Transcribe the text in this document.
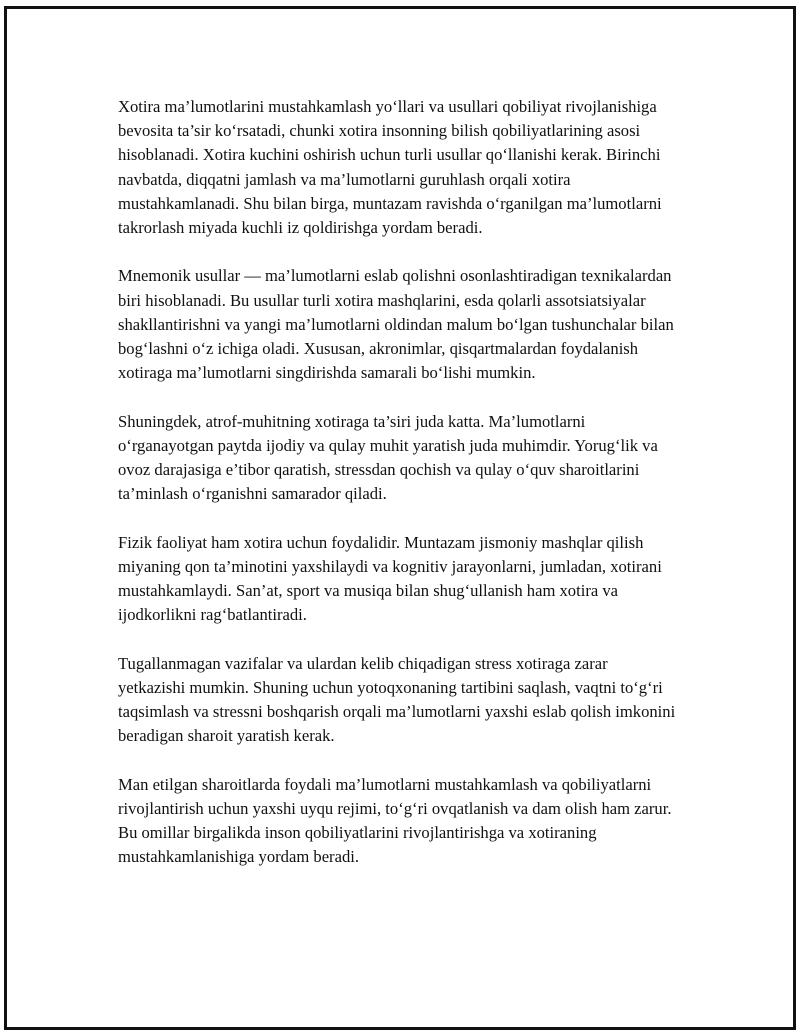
Xotira ma’lumotlarini mustahkamlash yo‘llari va usullari qobiliyat rivojlanishiga bevosita ta’sir ko‘rsatadi, chunki xotira insonning bilish qobiliyatlarining asosi hisoblanadi. Xotira kuchini oshirish uchun turli usullar qo‘llanishi kerak. Birinchi navbatda, diqqatni jamlash va ma’lumotlarni guruhlash orqali xotira mustahkamlanadi. Shu bilan birga, muntazam ravishda o‘rganilgan ma’lumotlarni takrorlash miyada kuchli iz qoldirishga yordam beradi.

Mnemonik usullar — ma’lumotlarni eslab qolishni osonlashtiradigan texnikalardan biri hisoblanadi. Bu usullar turli xotira mashqlarini, esda qolarli assotsiatsiyalar shakllantirishni va yangi ma’lumotlarni oldindan malum bo‘lgan tushunchalar bilan bog‘lashni o‘z ichiga oladi. Xususan, akronimlar, qisqartmalardan foydalanish xotiraga ma’lumotlarni singdirishda samarali bo‘lishi mumkin.

Shuningdek, atrof-muhitning xotiraga ta’siri juda katta. Ma’lumotlarni o‘rganayotgan paytda ijodiy va qulay muhit yaratish juda muhimdir. Yorug‘lik va ovoz darajasiga e’tibor qaratish, stressdan qochish va qulay o‘quv sharoitlarini ta’minlash o‘rganishni samarador qiladi.

Fizik faoliyat ham xotira uchun foydalidir. Muntazam jismoniy mashqlar qilish miyaning qon ta’minotini yaxshilaydi va kognitiv jarayonlarni, jumladan, xotirani mustahkamlaydi. San’at, sport va musiqa bilan shug‘ullanish ham xotira va ijodkorlikni rag‘batlantiradi.

Tugallanmagan vazifalar va ulardan kelib chiqadigan stress xotiraga zarar yetkazishi mumkin. Shuning uchun yotoqxonaning tartibini saqlash, vaqtni to‘g‘ri taqsimlash va stressni boshqarish orqali ma’lumotlarni yaxshi eslab qolish imkonini beradigan sharoit yaratish kerak.

Man etilgan sharoitlarda foydali ma’lumotlarni mustahkamlash va qobiliyatlarni rivojlantirish uchun yaxshi uyqu rejimi, to‘g‘ri ovqatlanish va dam olish ham zarur. Bu omillar birgalikda inson qobiliyatlarini rivojlantirishga va xotiraning mustahkamlanishiga yordam beradi.
